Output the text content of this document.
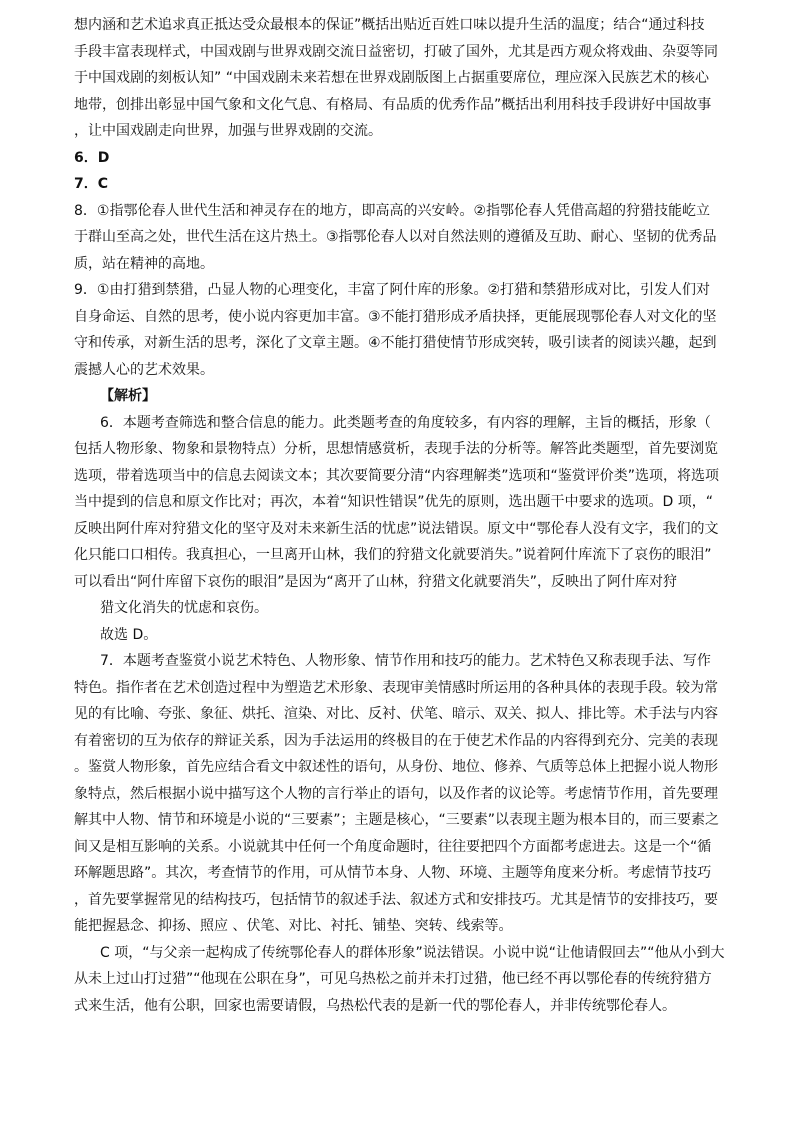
想内涵和艺术追求真正抵达受众最根本的保证”概括出贴近百姓口味以提升生活的温度；结合“通过科技
手段丰富表现样式，中国戏剧与世界戏剧交流日益密切，打破了国外，尤其是西方观众将戏曲、杂耍等同
于中国戏剧的刻板认知” “中国戏剧未来若想在世界戏剧版图上占据重要席位，理应深入民族艺术的核心
地带，创排出彰显中国气象和文化气息、有格局、有品质的优秀作品”概括出利用科技手段讲好中国故事
，让中国戏剧走向世界，加强与世界戏剧的交流。
6．D
7．C
8．①指鄂伦春人世代生活和神灵存在的地方，即高高的兴安岭。②指鄂伦春人凭借高超的狩猎技能屹立
于群山至高之处，世代生活在这片热土。③指鄂伦春人以对自然法则的遵循及互助、耐心、坚韧的优秀品
质，站在精神的高地。
9．①由打猎到禁猎，凸显人物的心理变化，丰富了阿什库的形象。②打猎和禁猎形成对比，引发人们对
自身命运、自然的思考，使小说内容更加丰富。③不能打猎形成矛盾抉择，更能展现鄂伦春人对文化的坚
守和传承，对新生活的思考，深化了文章主题。④不能打猎使情节形成突转，吸引读者的阅读兴趣，起到
震撼人心的艺术效果。
【解析】
6．本题考查筛选和整合信息的能力。此类题考查的角度较多，有内容的理解，主旨的概括，形象（
包括人物形象、物象和景物特点）分析，思想情感赏析，表现手法的分析等。解答此类题型，首先要浏览
选项，带着选项当中的信息去阅读文本；其次要简要分清“内容理解类”选项和“鉴赏评价类”选项，将选项
当中提到的信息和原文作比对；再次，本着“知识性错误”优先的原则，选出题干中要求的选项。D 项，“
反映出阿什库对狩猎文化的坚守及对未来新生活的忧虑”说法错误。原文中“鄂伦春人没有文字，我们的文
化只能口口相传。我真担心，一旦离开山林，我们的狩猎文化就要消失。”说着阿什库流下了哀伤的眼泪”
可以看出“阿什库留下哀伤的眼泪”是因为“离开了山林，狩猎文化就要消失”，反映出了阿什库对狩
猎文化消失的忧虑和哀伤。
故选 D。
7．本题考查鉴赏小说艺术特色、人物形象、情节作用和技巧的能力。艺术特色又称表现手法、写作
特色。指作者在艺术创造过程中为塑造艺术形象、表现审美情感时所运用的各种具体的表现手段。较为常
见的有比喻、夸张、象征、烘托、渲染、对比、反衬、伏笔、暗示、双关、拟人、排比等。术手法与内容
有着密切的互为依存的辩证关系，因为手法运用的终极目的在于使艺术作品的内容得到充分、完美的表现
。鉴赏人物形象，首先应结合看文中叙述性的语句，从身份、地位、修养、气质等总体上把握小说人物形
象特点，然后根据小说中描写这个人物的言行举止的语句，以及作者的议论等。考虑情节作用，首先要理
解其中人物、情节和环境是小说的“三要素”；主题是核心，“三要素”以表现主题为根本目的，而三要素之
间又是相互影响的关系。小说就其中任何一个角度命题时，往往要把四个方面都考虑进去。这是一个“循
环解题思路”。其次，考查情节的作用，可从情节本身、人物、环境、主题等角度来分析。考虑情节技巧
，首先要掌握常见的结构技巧，包括情节的叙述手法、叙述方式和安排技巧。尤其是情节的安排技巧，要
能把握悬念、抑扬、照应 、伏笔、对比、衬托、铺垫、突转、线索等。
C 项，“与父亲一起构成了传统鄂伦春人的群体形象”说法错误。小说中说“让他请假回去”“他从小到大
从未上过山打过猎”“他现在公职在身”，可见乌热松之前并未打过猎，他已经不再以鄂伦春的传统狩猎方
式来生活，他有公职，回家也需要请假，乌热松代表的是新一代的鄂伦春人，并非传统鄂伦春人。
